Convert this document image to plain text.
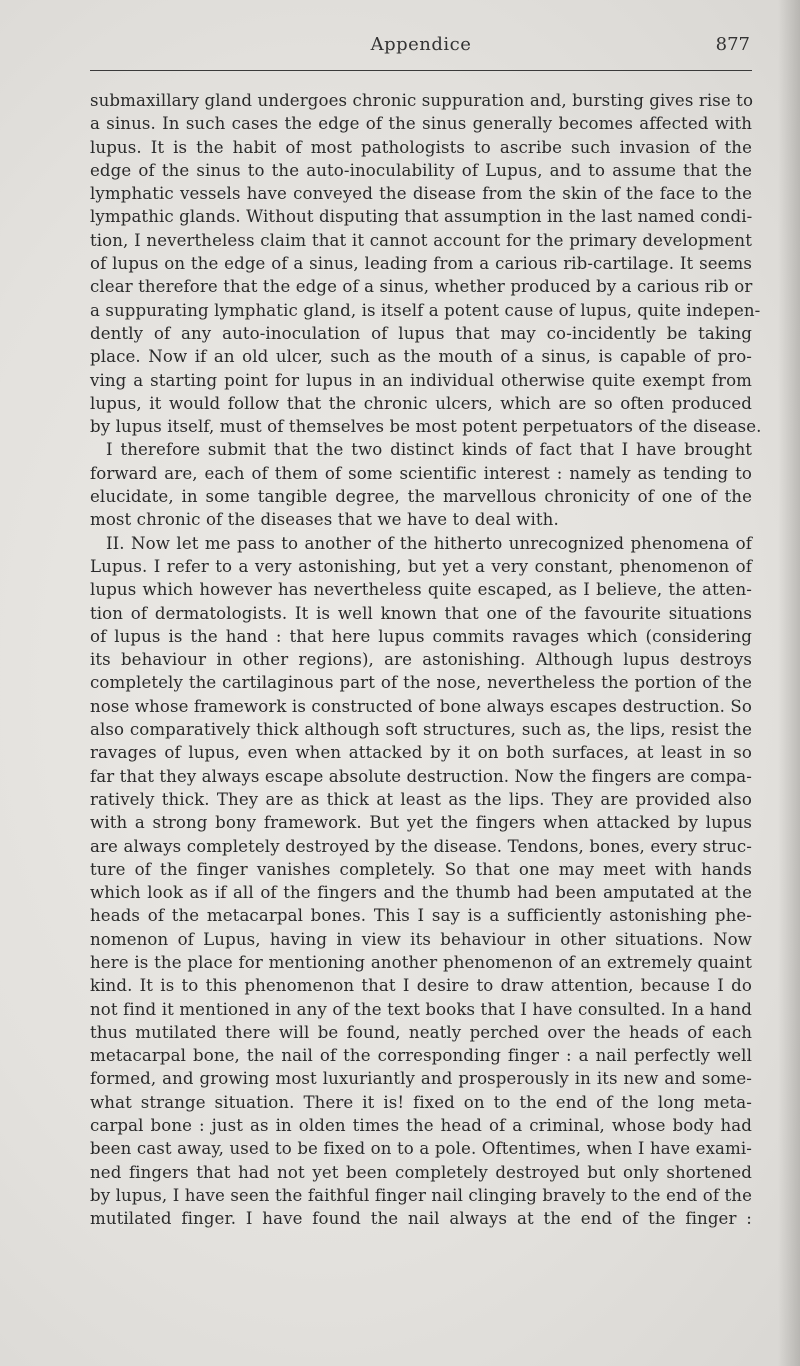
Appendice	877
submaxillary gland undergoes chronic suppuration and, bursting gives rise to
a sinus. In such cases the edge of the sinus generally becomes affected with
lupus. It is the habit of most pathologists to ascribe such invasion of the
edge of the sinus to the auto-inoculability of Lupus, and to assume that the
lymphatic vessels have conveyed the disease from the skin of the face to the
lympathic glands. Without disputing that assumption in the last named condi-
tion, I nevertheless claim that it cannot account for the primary development
of lupus on the edge of a sinus, leading from a carious rib-cartilage. It seems
clear therefore that the edge of a sinus, whether produced by a carious rib or
a suppurating lymphatic gland, is itself a potent cause of lupus, quite indepen-
dently of any auto-inoculation of lupus that may co-incidently be taking
place. Now if an old ulcer, such as the mouth of a sinus, is capable of pro-
ving a starting point for lupus in an individual otherwise quite exempt from
lupus, it would follow that the chronic ulcers, which are so often produced
by lupus itself, must of themselves be most potent perpetuators of the disease.
I therefore submit that the two distinct kinds of fact that I have brought
forward are, each of them of some scientific interest : namely as tending to
elucidate, in some tangible degree, the marvellous chronicity of one of the
most chronic of the diseases that we have to deal with.
II. Now let me pass to another of the hitherto unrecognized phenomena of
Lupus. I refer to a very astonishing, but yet a very constant, phenomenon of
lupus which however has nevertheless quite escaped, as I believe, the atten-
tion of dermatologists. It is well known that one of the favourite situations
of lupus is the hand : that here lupus commits ravages which (considering
its behaviour in other regions), are astonishing. Although lupus destroys
completely the cartilaginous part of the nose, nevertheless the portion of the
nose whose framework is constructed of bone always escapes destruction. So
also comparatively thick although soft structures, such as, the lips, resist the
ravages of lupus, even when attacked by it on both surfaces, at least in so
far that they always escape absolute destruction. Now the fingers are compa-
ratively thick. They are as thick at least as the lips. They are provided also
with a strong bony framework. But yet the fingers when attacked by lupus
are always completely destroyed by the disease. Tendons, bones, every struc-
ture of the finger vanishes completely. So that one may meet with hands
which look as if all of the fingers and the thumb had been amputated at the
heads of the metacarpal bones. This I say is a sufficiently astonishing phe-
nomenon of Lupus, having in view its behaviour in other situations. Now
here is the place for mentioning another phenomenon of an extremely quaint
kind. It is to this phenomenon that I desire to draw attention, because I do
not find it mentioned in any of the text books that I have consulted. In a hand
thus mutilated there will be found, neatly perched over the heads of each
metacarpal bone, the nail of the corresponding finger : a nail perfectly well
formed, and growing most luxuriantly and prosperously in its new and some-
what strange situation. There it is! fixed on to the end of the long meta-
carpal bone : just as in olden times the head of a criminal, whose body had
been cast away, used to be fixed on to a pole. Oftentimes, when I have exami-
ned fingers that had not yet been completely destroyed but only shortened
by lupus, I have seen the faithful finger nail clinging bravely to the end of the
mutilated finger. I have found the nail always at the end of the finger :
